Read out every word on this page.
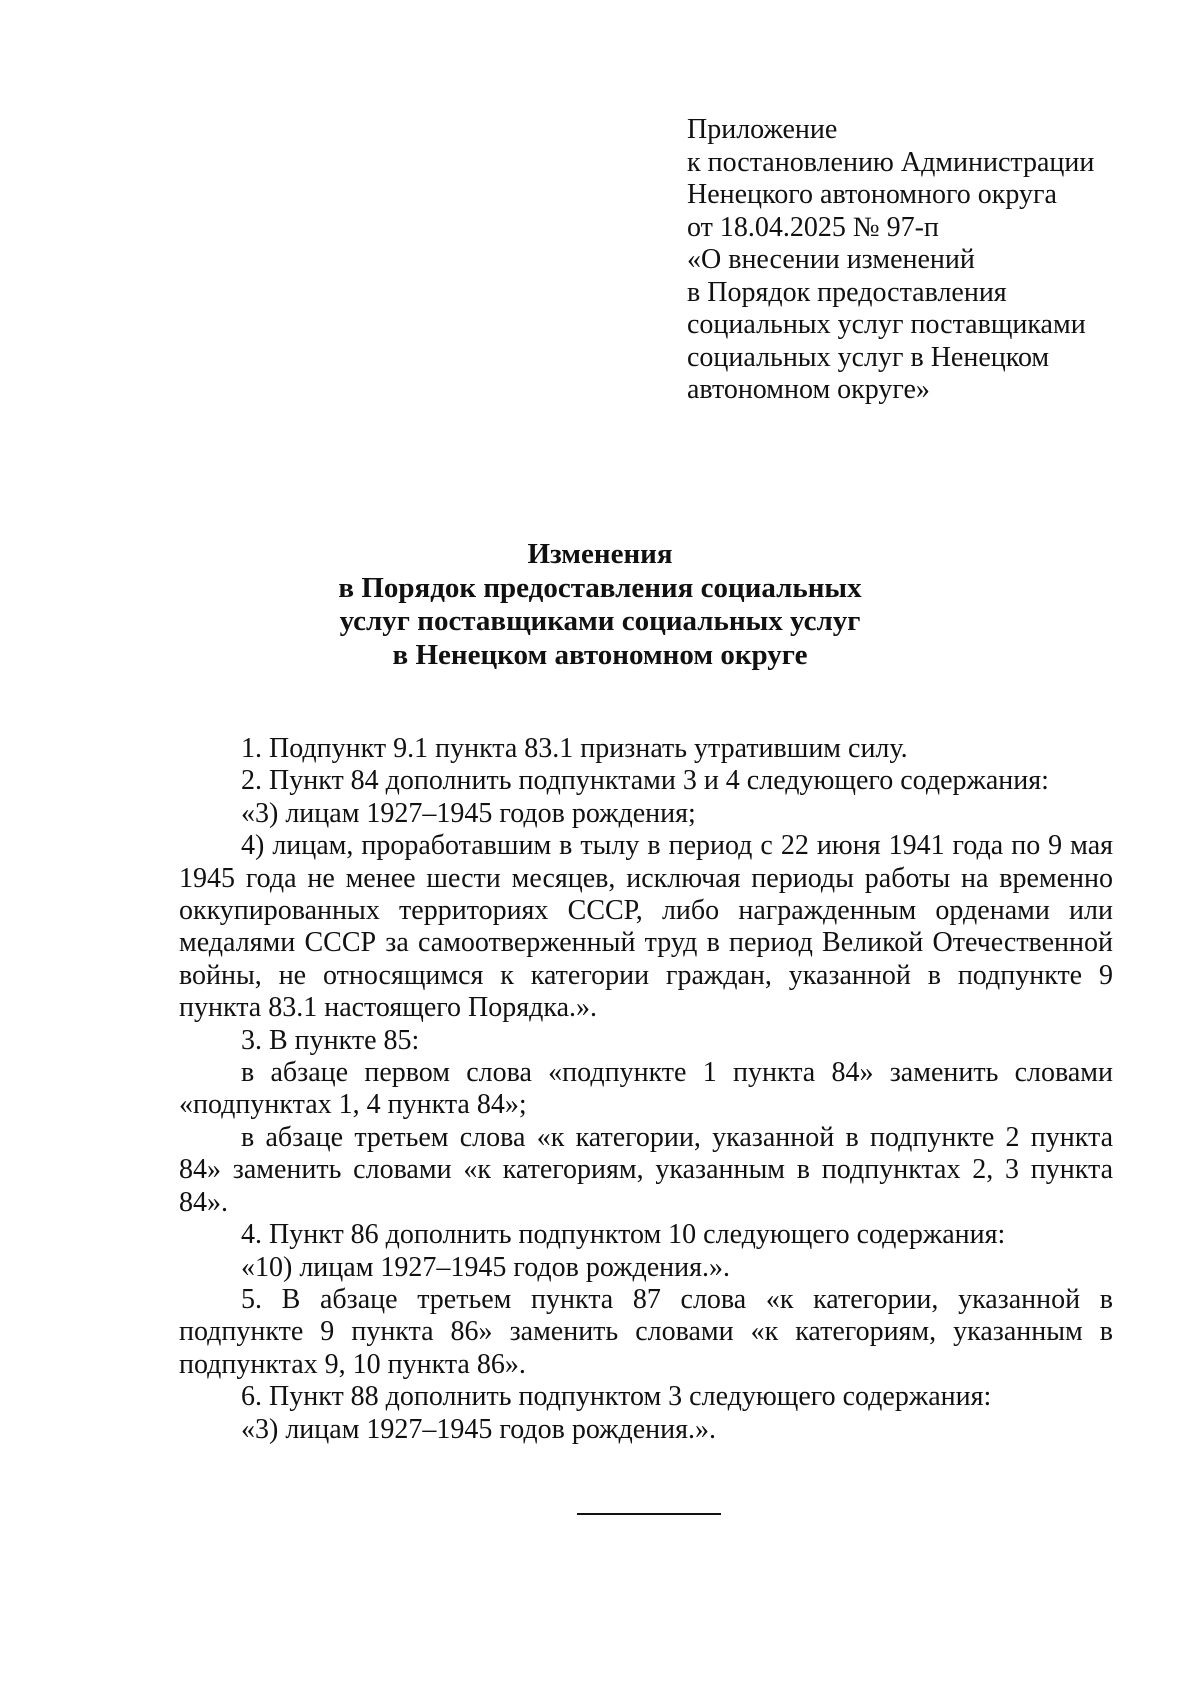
Приложение
к постановлению Администрации
Ненецкого автономного округа
от 18.04.2025 № 97-п
«О внесении изменений
в Порядок предоставления
социальных услуг поставщиками
социальных услуг в Ненецком
автономном округе»
Изменения
в Порядок предоставления социальных
услуг поставщиками социальных услуг
в Ненецком автономном округе

1. Подпункт 9.1 пункта 83.1 признать утратившим силу.

2. Пункт 84 дополнить подпунктами 3 и 4 следующего содержания:

«3) лицам 1927–1945 годов рождения;

4) лицам, проработавшим в тылу в период с 22 июня 1941 года по 9 мая 1945 года не менее шести месяцев, исключая периоды работы на временно оккупированных территориях СССР, либо награжденным орденами или медалями СССР за самоотверженный труд в период Великой Отечественной войны, не относящимся к категории граждан, указанной в подпункте 9 пункта 83.1 настоящего Порядка.».

3. В пункте 85:

в абзаце первом слова «подпункте 1 пункта 84» заменить словами «подпунктах 1, 4 пункта 84»;

в абзаце третьем слова «к категории, указанной в подпункте 2 пункта 84» заменить словами «к категориям, указанным в подпунктах 2, 3 пункта 84».

4. Пункт 86 дополнить подпунктом 10 следующего содержания:

«10) лицам 1927–1945 годов рождения.».

5. В абзаце третьем пункта 87 слова «к категории, указанной в подпункте 9 пункта 86» заменить словами «к категориям, указанным в подпунктах 9, 10 пункта 86».

6. Пункт 88 дополнить подпунктом 3 следующего содержания:

«3) лицам 1927–1945 годов рождения.».
